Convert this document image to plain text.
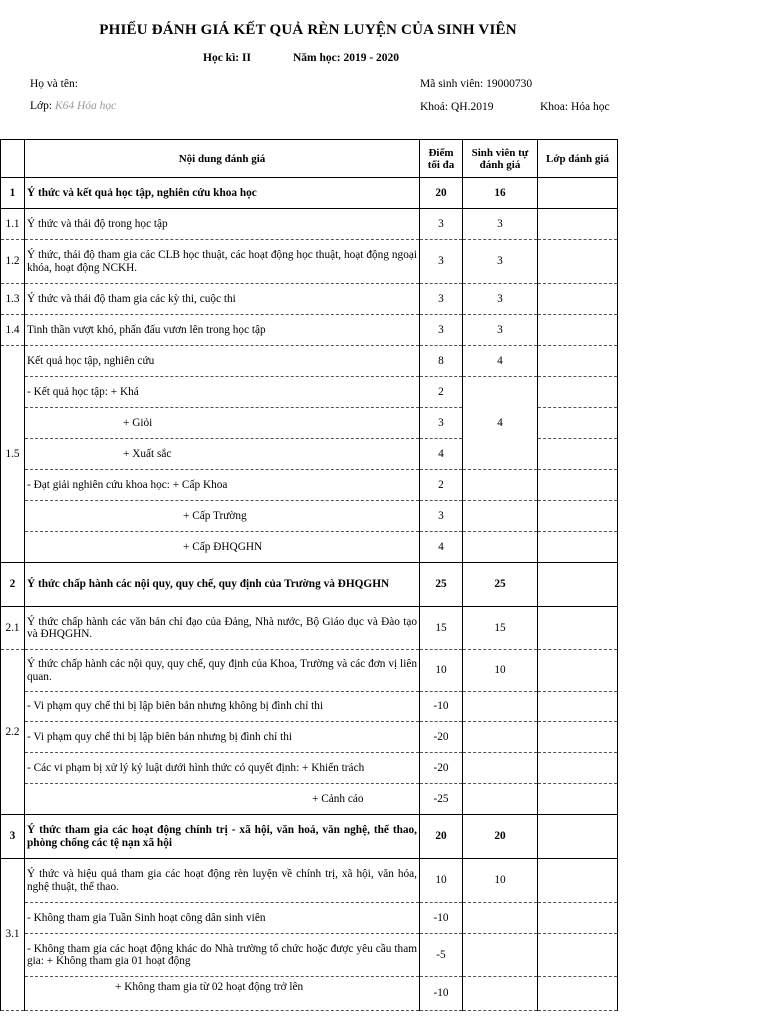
PHIẾU ĐÁNH GIÁ KẾT QUẢ RÈN LUYỆN CỦA SINH VIÊN
Học kì: II	Năm học: 2019 - 2020
Họ và tên:
Lớp: K64 Hóa học
Mã sinh viên: 19000730
Khoá: QH.2019	Khoa: Hóa học
	Nội dung đánh giá	Điểm tối đa	Sinh viên tự đánh giá	Lớp đánh giá
1	Ý thức và kết quả học tập, nghiên cứu khoa học	20	16	
1.1	Ý thức và thái độ trong học tập	3	3	
1.2	Ý thức, thái độ tham gia các CLB học thuật, các hoạt động học thuật, hoạt động ngoại khóa, hoạt động NCKH.	3	3	
1.3	Ý thức và thái độ tham gia các kỳ thi, cuộc thi	3	3	
1.4	Tinh thần vượt khó, phấn đấu vươn lên trong học tập	3	3	
1.5	Kết quả học tập, nghiên cứu	8	4	
	- Kết quả học tập: + Khá	2	4	
	+ Giỏi	3		
	+ Xuất sắc	4		
	- Đạt giải nghiên cứu khoa học: + Cấp Khoa	2		
	+ Cấp Trường	3		
	+ Cấp ĐHQGHN	4		
2	Ý thức chấp hành các nội quy, quy chế, quy định của Trường và ĐHQGHN	25	25	
2.1	Ý thức chấp hành các văn bản chỉ đạo của Đảng, Nhà nước, Bộ Giáo dục và Đào tạo và ĐHQGHN.	15	15	
2.2	Ý thức chấp hành các nội quy, quy chế, quy định của Khoa, Trường và các đơn vị liên quan.	10	10	
	- Vi phạm quy chế thi bị lập biên bản nhưng không bị đình chỉ thi	-10		
	- Vi phạm quy chế thi bị lập biên bản nhưng bị đình chỉ thi	-20		
	- Các vi phạm bị xử lý kỷ luật dưới hình thức có quyết định: + Khiển trách	-20		
	+ Cảnh cáo	-25		
3	Ý thức tham gia các hoạt động chính trị - xã hội, văn hoá, văn nghệ, thể thao, phòng chống các tệ nạn xã hội	20	20	
3.1	Ý thức và hiệu quả tham gia các hoạt động rèn luyện về chính trị, xã hội, văn hóa, nghệ thuật, thể thao.	10	10	
	- Không tham gia Tuần Sinh hoạt công dân sinh viên	-10		
	- Không tham gia các hoạt động khác do Nhà trường tổ chức hoặc được yêu cầu tham gia: + Không tham gia 01 hoạt động	-5		
	+ Không tham gia từ 02 hoạt động trở lên	-10		
